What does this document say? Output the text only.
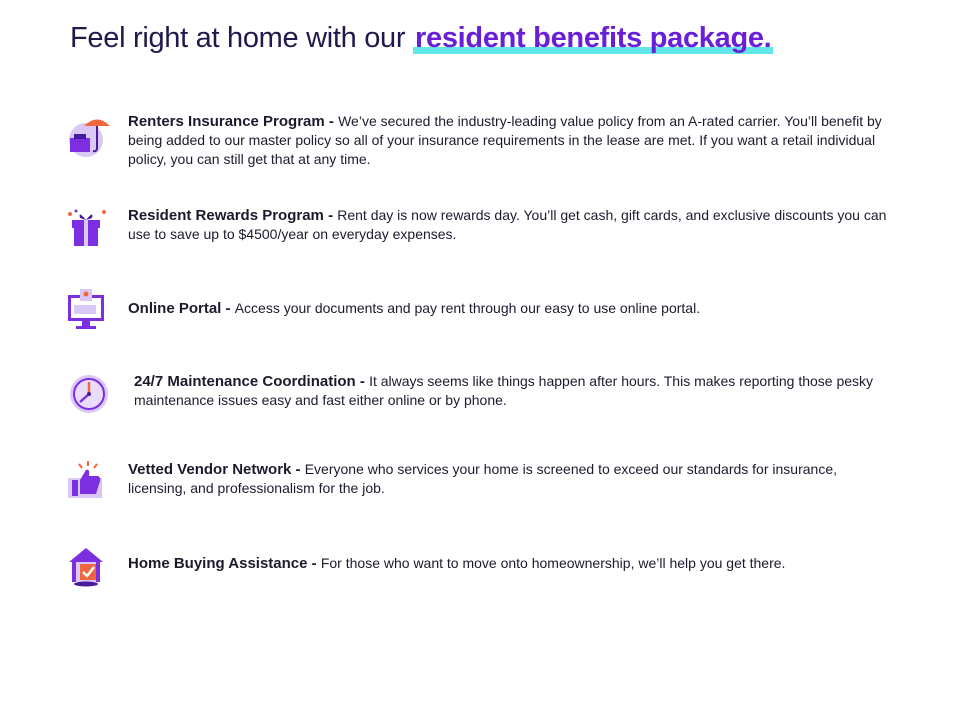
Feel right at home with our resident benefits package.
Renters Insurance Program - We’ve secured the industry-leading value policy from an A-rated carrier. You’ll benefit by being added to our master policy so all of your insurance requirements in the lease are met. If you want a retail individual policy, you can still get that at any time.
Resident Rewards Program - Rent day is now rewards day. You’ll get cash, gift cards, and exclusive discounts you can use to save up to $4500/year on everyday expenses.
Online Portal - Access your documents and pay rent through our easy to use online portal.
24/7 Maintenance Coordination - It always seems like things happen after hours. This makes reporting those pesky maintenance issues easy and fast either online or by phone.
Vetted Vendor Network - Everyone who services your home is screened to exceed our standards for insurance, licensing, and professionalism for the job.
Home Buying Assistance - For those who want to move onto homeownership, we’ll help you get there.
